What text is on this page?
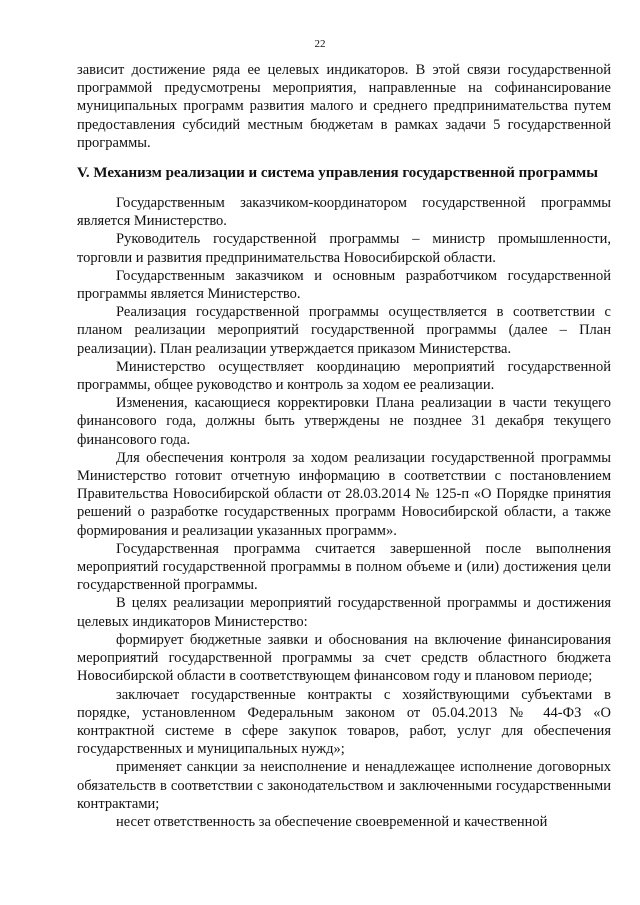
22

зависит достижение ряда ее целевых индикаторов. В этой связи государственной программой предусмотрены мероприятия, направленные на софинансирование муниципальных программ развития малого и среднего предпринимательства путем предоставления субсидий местным бюджетам в рамках задачи 5 государственной программы.

V. Механизм реализации и система управления государственной программы

Государственным заказчиком-координатором государственной программы является Министерство.

Руководитель государственной программы – министр промышленности, торговли и развития предпринимательства Новосибирской области.

Государственным заказчиком и основным разработчиком государственной программы является Министерство.

Реализация государственной программы осуществляется в соответствии с планом реализации мероприятий государственной программы (далее – План реализации). План реализации утверждается приказом Министерства.

Министерство осуществляет координацию мероприятий государственной программы, общее руководство и контроль за ходом ее реализации.

Изменения, касающиеся корректировки Плана реализации в части текущего финансового года, должны быть утверждены не позднее 31 декабря текущего финансового года.

Для обеспечения контроля за ходом реализации государственной программы Министерство готовит отчетную информацию в соответствии с постановлением Правительства Новосибирской области от 28.03.2014 № 125-п «О Порядке принятия решений о разработке государственных программ Новосибирской области, а также формирования и реализации указанных программ».

Государственная программа считается завершенной после выполнения мероприятий государственной программы в полном объеме и (или) достижения цели государственной программы.

В целях реализации мероприятий государственной программы и достижения целевых индикаторов Министерство:

формирует бюджетные заявки и обоснования на включение финансирования мероприятий государственной программы за счет средств областного бюджета Новосибирской области в соответствующем финансовом году и плановом периоде;

заключает государственные контракты с хозяйствующими субъектами в порядке, установленном Федеральным законом от 05.04.2013 № 44-ФЗ «О контрактной системе в сфере закупок товаров, работ, услуг для обеспечения государственных и муниципальных нужд»;

применяет санкции за неисполнение и ненадлежащее исполнение договорных обязательств в соответствии с законодательством и заключенными государственными контрактами;

несет ответственность за обеспечение своевременной и качественной
